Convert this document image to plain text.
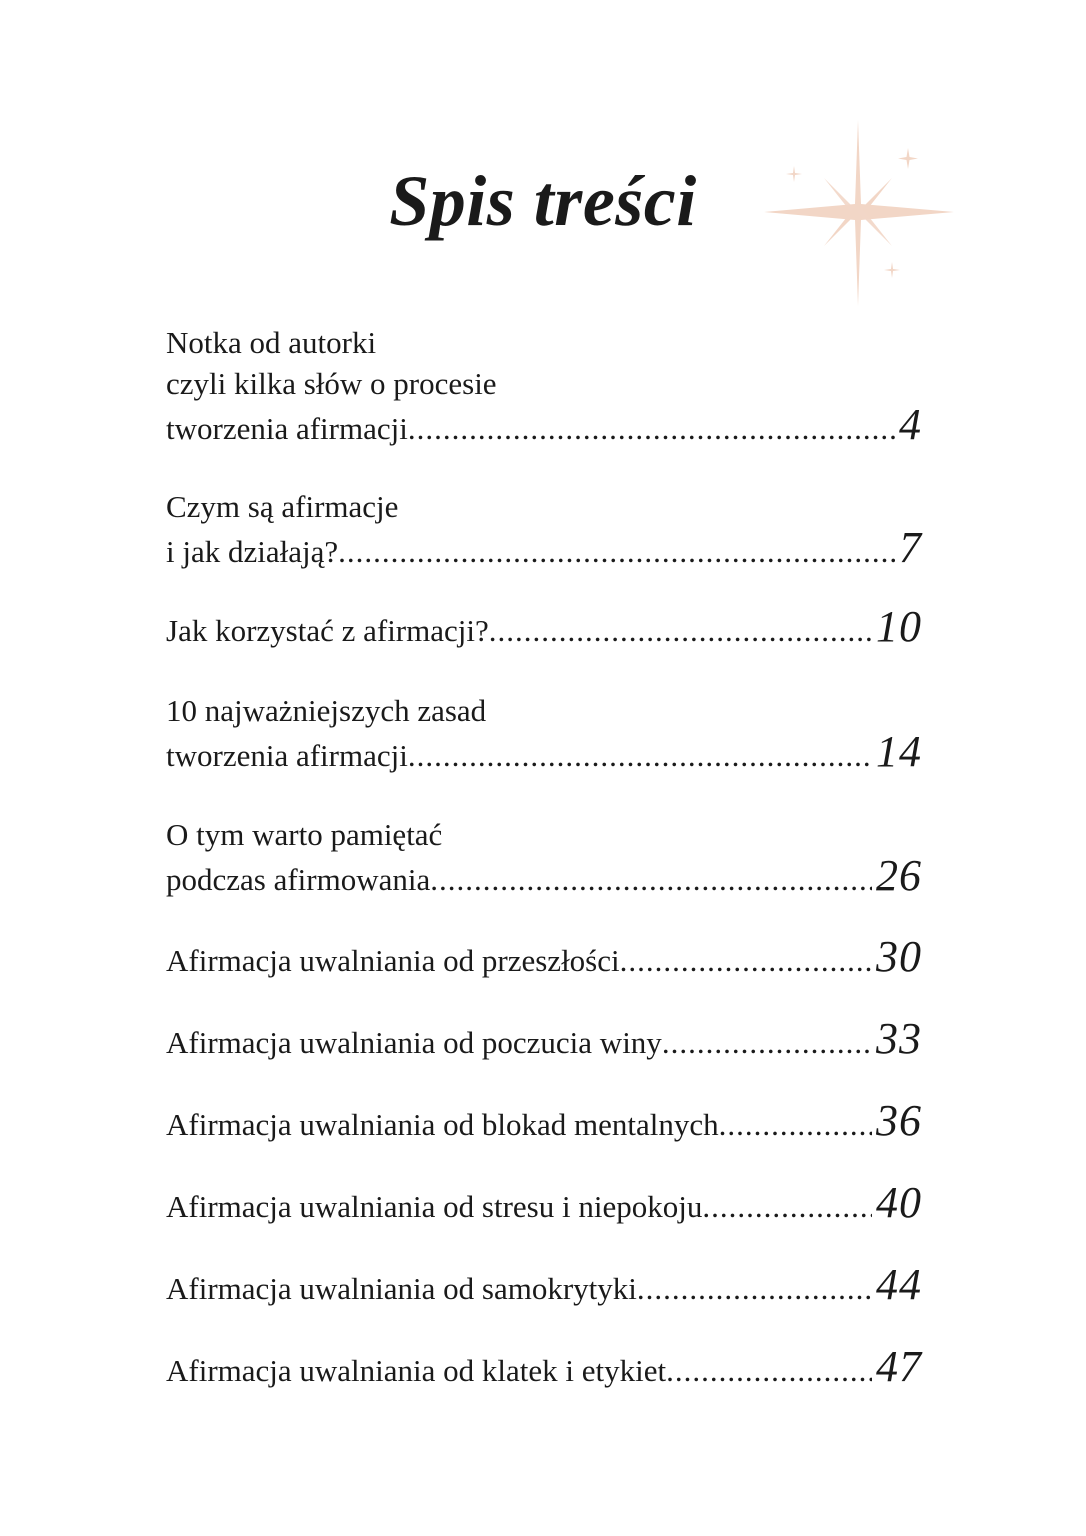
Spis treści
Notka od autorki
czyli kilka słów o procesie
tworzenia afirmacji .....	4
Czym są afirmacje
i jak działają? .....	7
Jak korzystać z afirmacji? .....	10
10 najważniejszych zasad
tworzenia afirmacji .....	14
O tym warto pamiętać
podczas afirmowania .....	26
Afirmacja uwalniania od przeszłości .....	30
Afirmacja uwalniania od poczucia winy .....	33
Afirmacja uwalniania od blokad mentalnych .....	36
Afirmacja uwalniania od stresu i niepokoju .....	40
Afirmacja uwalniania od samokrytyki .....	44
Afirmacja uwalniania od klatek i etykiet .....	47
